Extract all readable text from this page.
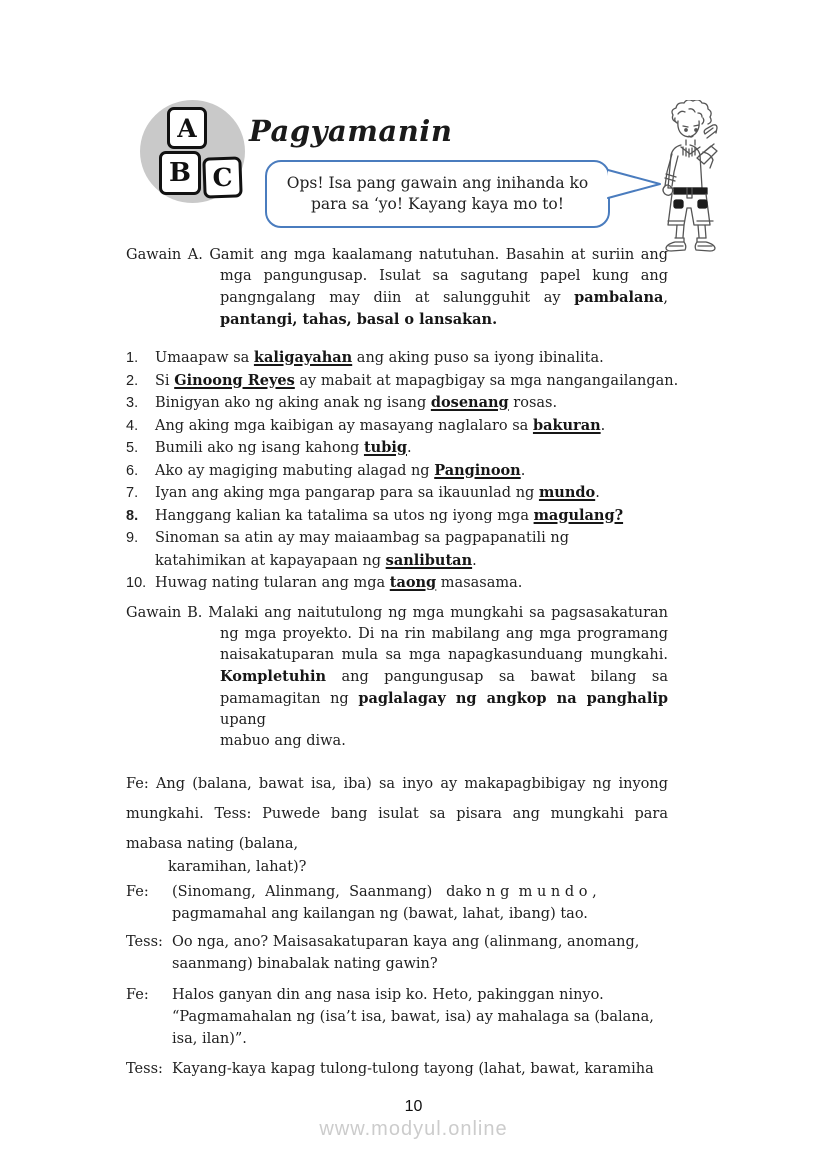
A
B C
Pagyamanin
Ops! Isa pang gawain ang inihanda ko
para sa ‘yo! Kayang kaya mo to!
Gawain A. Gamit ang mga kaalamang natutuhan. Basahin at suriin ang
mga pangungusap. Isulat sa sagutang papel kung ang
pangngalang may diin at salungguhit ay pambalana,
pantangi, tahas, basal o lansakan.
1.	Umaapaw sa kaligayahan ang aking puso sa iyong ibinalita.
2.	Si Ginoong Reyes ay mabait at mapagbigay sa mga nangangailangan.
3.	Binigyan ako ng aking anak ng isang dosenang rosas.
4.	Ang aking mga kaibigan ay masayang naglalaro sa bakuran.
5.	Bumili ako ng isang kahong tubig.
6.	Ako ay magiging mabuting alagad ng Panginoon.
7.	Iyan ang aking mga pangarap para sa ikauunlad ng mundo.
8.	Hanggang kalian ka tatalima sa utos ng iyong mga magulang?
9.	Sinoman sa atin ay may maiaambag sa pagpapanatili ng
katahimikan at kapayapaan ng sanlibutan.
10. Huwag nating tularan ang mga taong masasama.
Gawain B. Malaki ang naitutulong ng mga mungkahi sa pagsasakaturan
ng mga proyekto. Di na rin mabilang ang mga programang
naisakatuparan mula sa mga napagkasunduang mungkahi.
Kompletuhin ang pangungusap sa bawat bilang sa
pamamagitan ng paglalagay ng angkop na panghalip upang
mabuo ang diwa.
Fe: Ang (balana, bawat isa, iba) sa inyo ay makapagbibigay ng inyong
mungkahi. Tess: Puwede bang isulat sa pisara ang mungkahi para
mabasa nating (balana,
karamihan, lahat)?
Fe: (Sinomang,  Alinmang,  Saanmang)   dako n g  m u n d o ,
pagmamahal ang kailangan ng (bawat, lahat, ibang) tao.
Tess: Oo nga, ano? Maisasakatuparan kaya ang (alinmang, anomang,
saanmang) binabalak nating gawin?
Fe: Halos ganyan din ang nasa isip ko. Heto, pakinggan ninyo.
“Pagmamahalan ng (isa’t isa, bawat, isa) ay mahalaga sa (balana,
isa, ilan)”.
Tess: Kayang-kaya kapag tulong-tulong tayong (lahat, bawat, karamiha
10
www.modyul.online
